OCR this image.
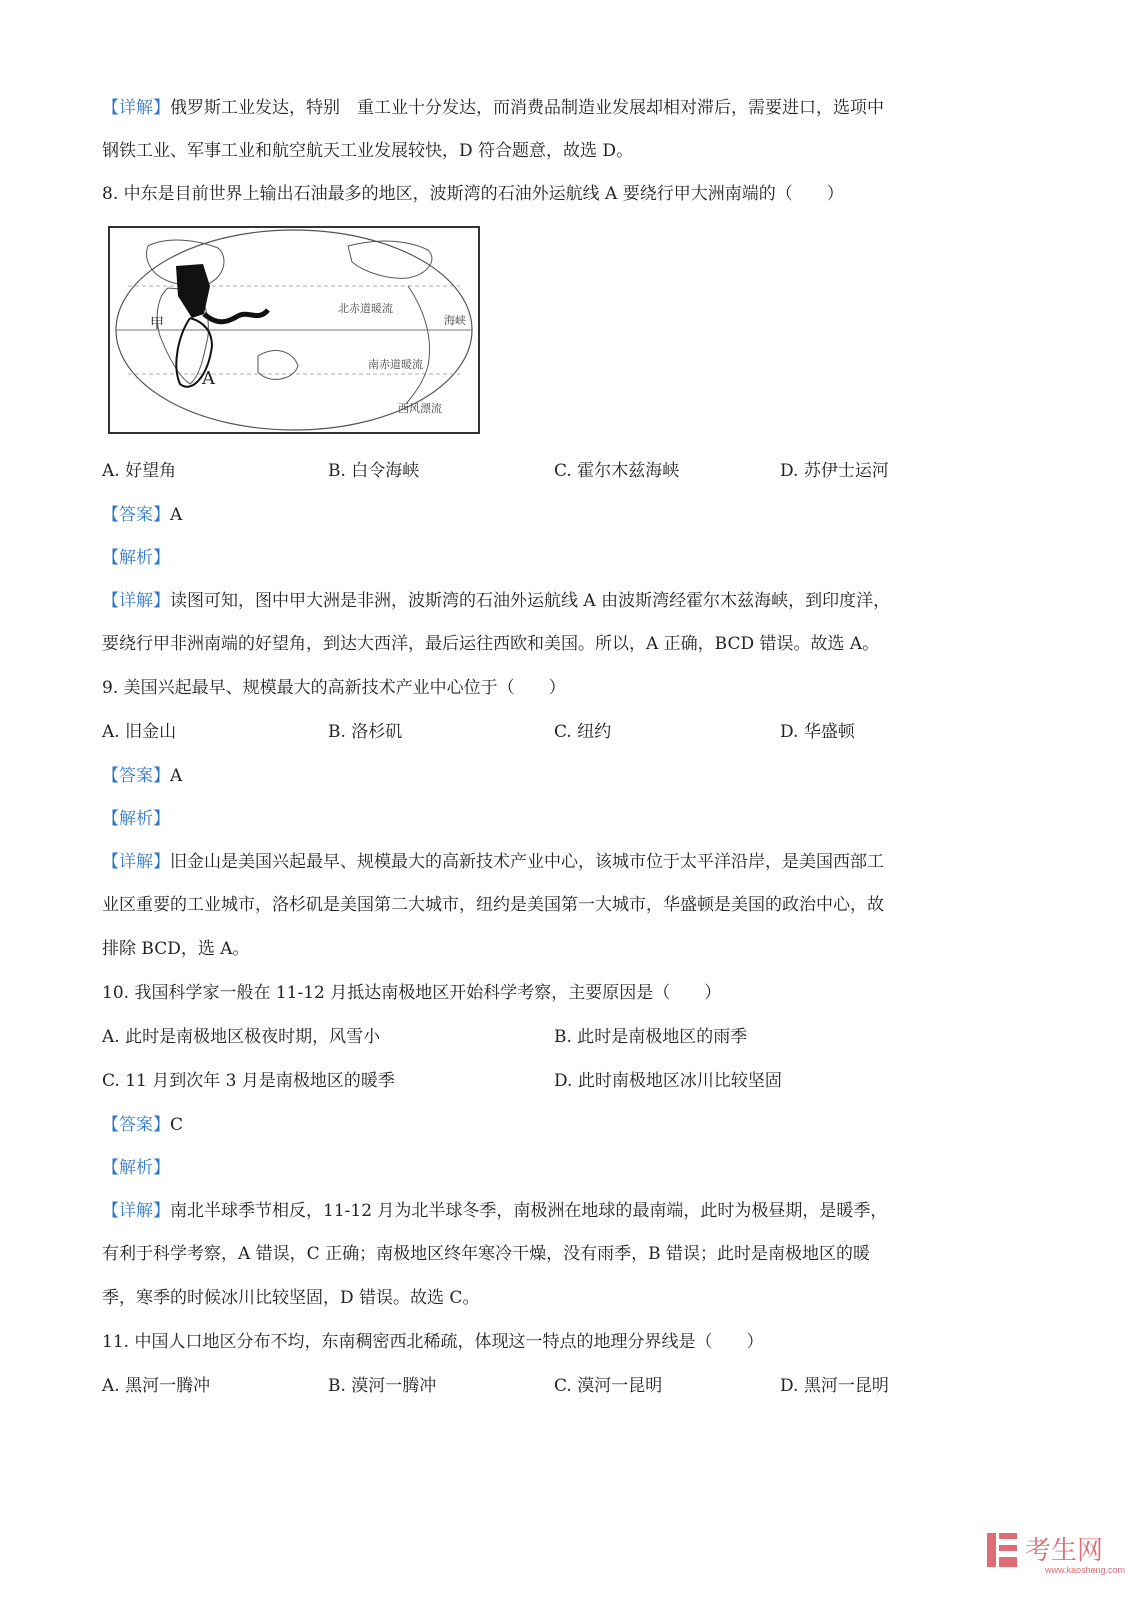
【详解】俄罗斯工业发达，特别　重工业十分发达，而消费品制造业发展却相对滞后，需要进口，选项中
钢铁工业、军事工业和航空航天工业发展较快，D 符合题意，故选 D。
8. 中东是目前世界上输出石油最多的地区，波斯湾的石油外运航线 A 要绕行甲大洲南端的（　　）
甲
A
北赤道暖流
南赤道暖流
西风漂流
海峡
A. 好望角	B. 白令海峡	C. 霍尔木兹海峡	D. 苏伊士运河
【答案】A
【解析】
【详解】读图可知，图中甲大洲是非洲，波斯湾的石油外运航线 A 由波斯湾经霍尔木兹海峡，到印度洋，
要绕行甲非洲南端的好望角，到达大西洋，最后运往西欧和美国。所以，A 正确，BCD 错误。故选 A。
9. 美国兴起最早、规模最大的高新技术产业中心位于（　　）
A. 旧金山	B. 洛杉矶	C. 纽约	D. 华盛顿
【答案】A
【解析】
【详解】旧金山是美国兴起最早、规模最大的高新技术产业中心，该城市位于太平洋沿岸，是美国西部工
业区重要的工业城市，洛杉矶是美国第二大城市，纽约是美国第一大城市，华盛顿是美国的政治中心，故
排除 BCD，选 A。
10. 我国科学家一般在 11-12 月抵达南极地区开始科学考察，主要原因是（　　）
A. 此时是南极地区极夜时期，风雪小	B. 此时是南极地区的雨季
C. 11 月到次年 3 月是南极地区的暖季	D. 此时南极地区冰川比较坚固
【答案】C
【解析】
【详解】南北半球季节相反，11-12 月为北半球冬季，南极洲在地球的最南端，此时为极昼期，是暖季，
有利于科学考察，A 错误，C 正确；南极地区终年寒冷干燥，没有雨季，B 错误；此时是南极地区的暖
季，寒季的时候冰川比较坚固，D 错误。故选 C。
11. 中国人口地区分布不均，东南稠密西北稀疏，体现这一特点的地理分界线是（　　）
A. 黑河一腾冲	B. 漠河一腾冲	C. 漠河一昆明	D. 黑河一昆明
考生网
www.kaosheng.com
